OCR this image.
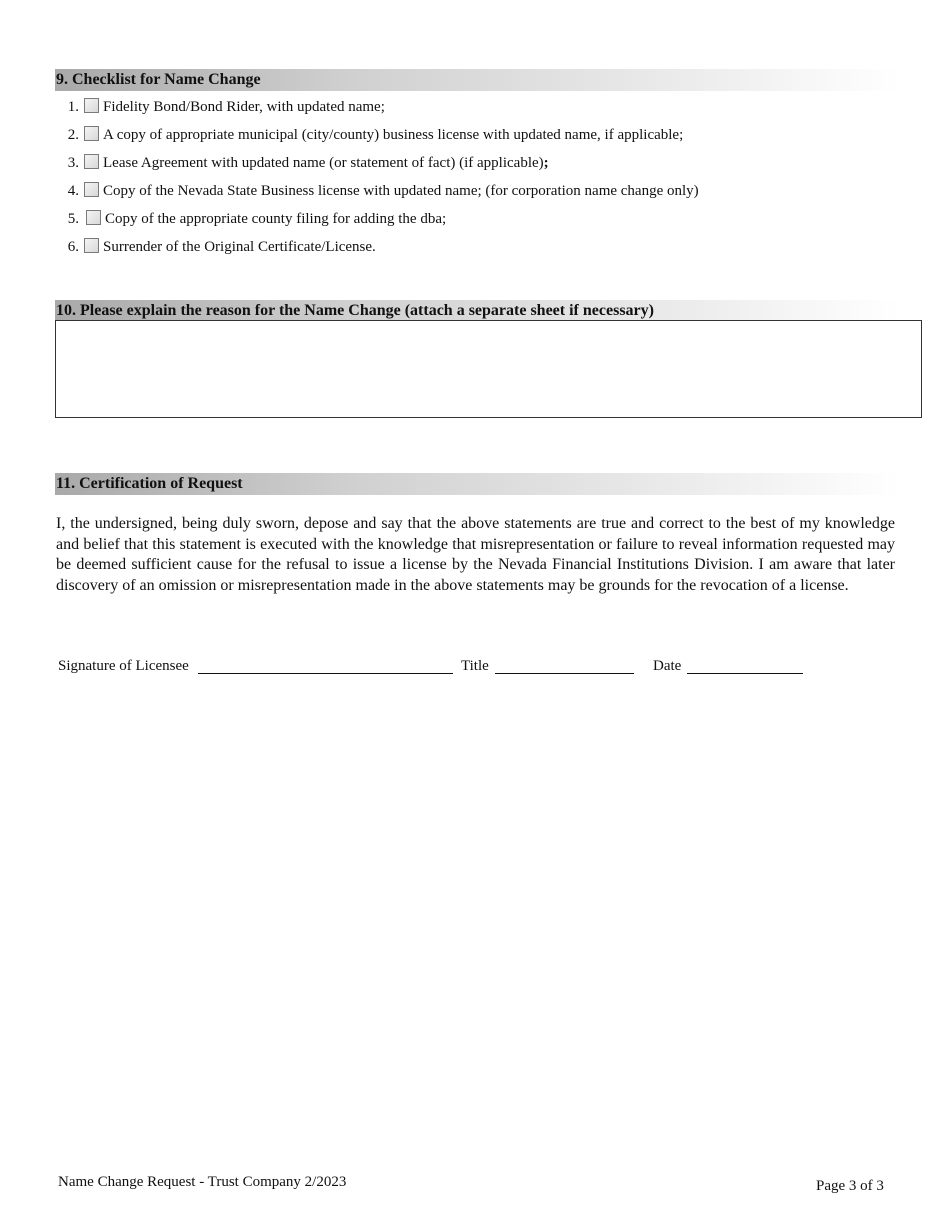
9. Checklist for Name Change
1. Fidelity Bond/Bond Rider, with updated name;
2. A copy of appropriate municipal (city/county) business license with updated name, if applicable;
3. Lease Agreement with updated name (or statement of fact) (if applicable);
4. Copy of the Nevada State Business license with updated name; (for corporation name change only)
5. Copy of the appropriate county filing for adding the dba;
6. Surrender of the Original Certificate/License.
10. Please explain the reason for the Name Change (attach a separate sheet if necessary)
11. Certification of Request

I, the undersigned, being duly sworn, depose and say that the above statements are true and correct to the best of my knowledge and belief that this statement is executed with the knowledge that misrepresentation or failure to reveal information requested may be deemed sufficient cause for the refusal to issue a license by the Nevada Financial Institutions Division. I am aware that later discovery of an omission or misrepresentation made in the above statements may be grounds for the revocation of a license.

Signature of Licensee	Title	Date
Name Change Request - Trust Company 2/2023	Page 3 of 3
